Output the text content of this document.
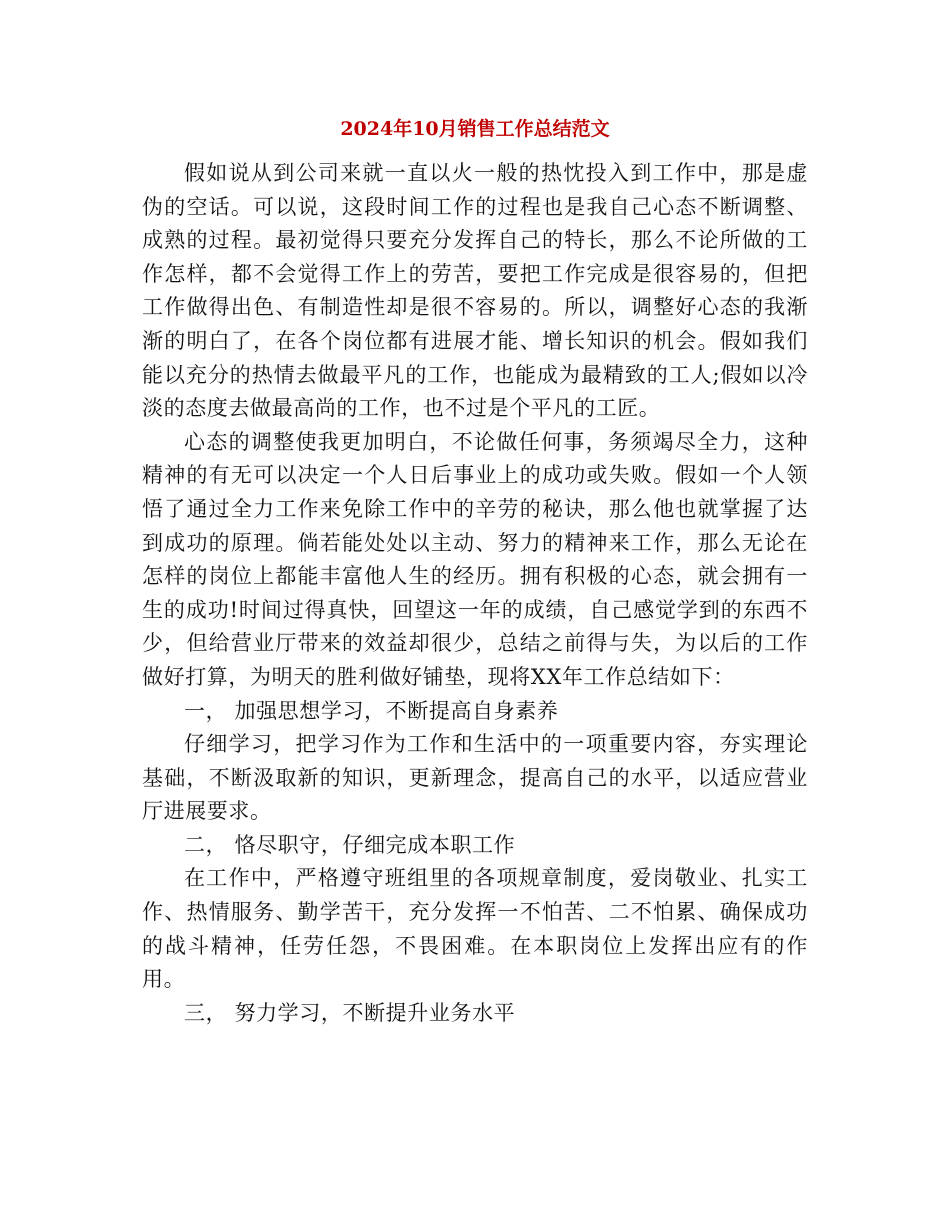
2024年10月销售工作总结范文

假如说从到公司来就一直以火一般的热忱投入到工作中，那是虚伪的空话。可以说，这段时间工作的过程也是我自己心态不断调整、成熟的过程。最初觉得只要充分发挥自己的特长，那么不论所做的工作怎样，都不会觉得工作上的劳苦，要把工作完成是很容易的，但把工作做得出色、有制造性却是很不容易的。所以，调整好心态的我渐渐的明白了，在各个岗位都有进展才能、增长知识的机会。假如我们能以充分的热情去做最平凡的工作，也能成为最精致的工人;假如以冷淡的态度去做最高尚的工作，也不过是个平凡的工匠。

心态的调整使我更加明白，不论做任何事，务须竭尽全力，这种精神的有无可以决定一个人日后事业上的成功或失败。假如一个人领悟了通过全力工作来免除工作中的辛劳的秘诀，那么他也就掌握了达到成功的原理。倘若能处处以主动、努力的精神来工作，那么无论在怎样的岗位上都能丰富他人生的经历。拥有积极的心态，就会拥有一生的成功!时间过得真快，回望这一年的成绩，自己感觉学到的东西不少，但给营业厅带来的效益却很少，总结之前得与失，为以后的工作做好打算，为明天的胜利做好铺垫，现将XX年工作总结如下：

一， 加强思想学习，不断提高自身素养

仔细学习，把学习作为工作和生活中的一项重要内容，夯实理论基础，不断汲取新的知识，更新理念，提高自己的水平，以适应营业厅进展要求。

二， 恪尽职守，仔细完成本职工作

在工作中，严格遵守班组里的各项规章制度，爱岗敬业、扎实工作、热情服务、勤学苦干，充分发挥一不怕苦、二不怕累、确保成功的战斗精神，任劳任怨，不畏困难。在本职岗位上发挥出应有的作用。

三， 努力学习，不断提升业务水平
